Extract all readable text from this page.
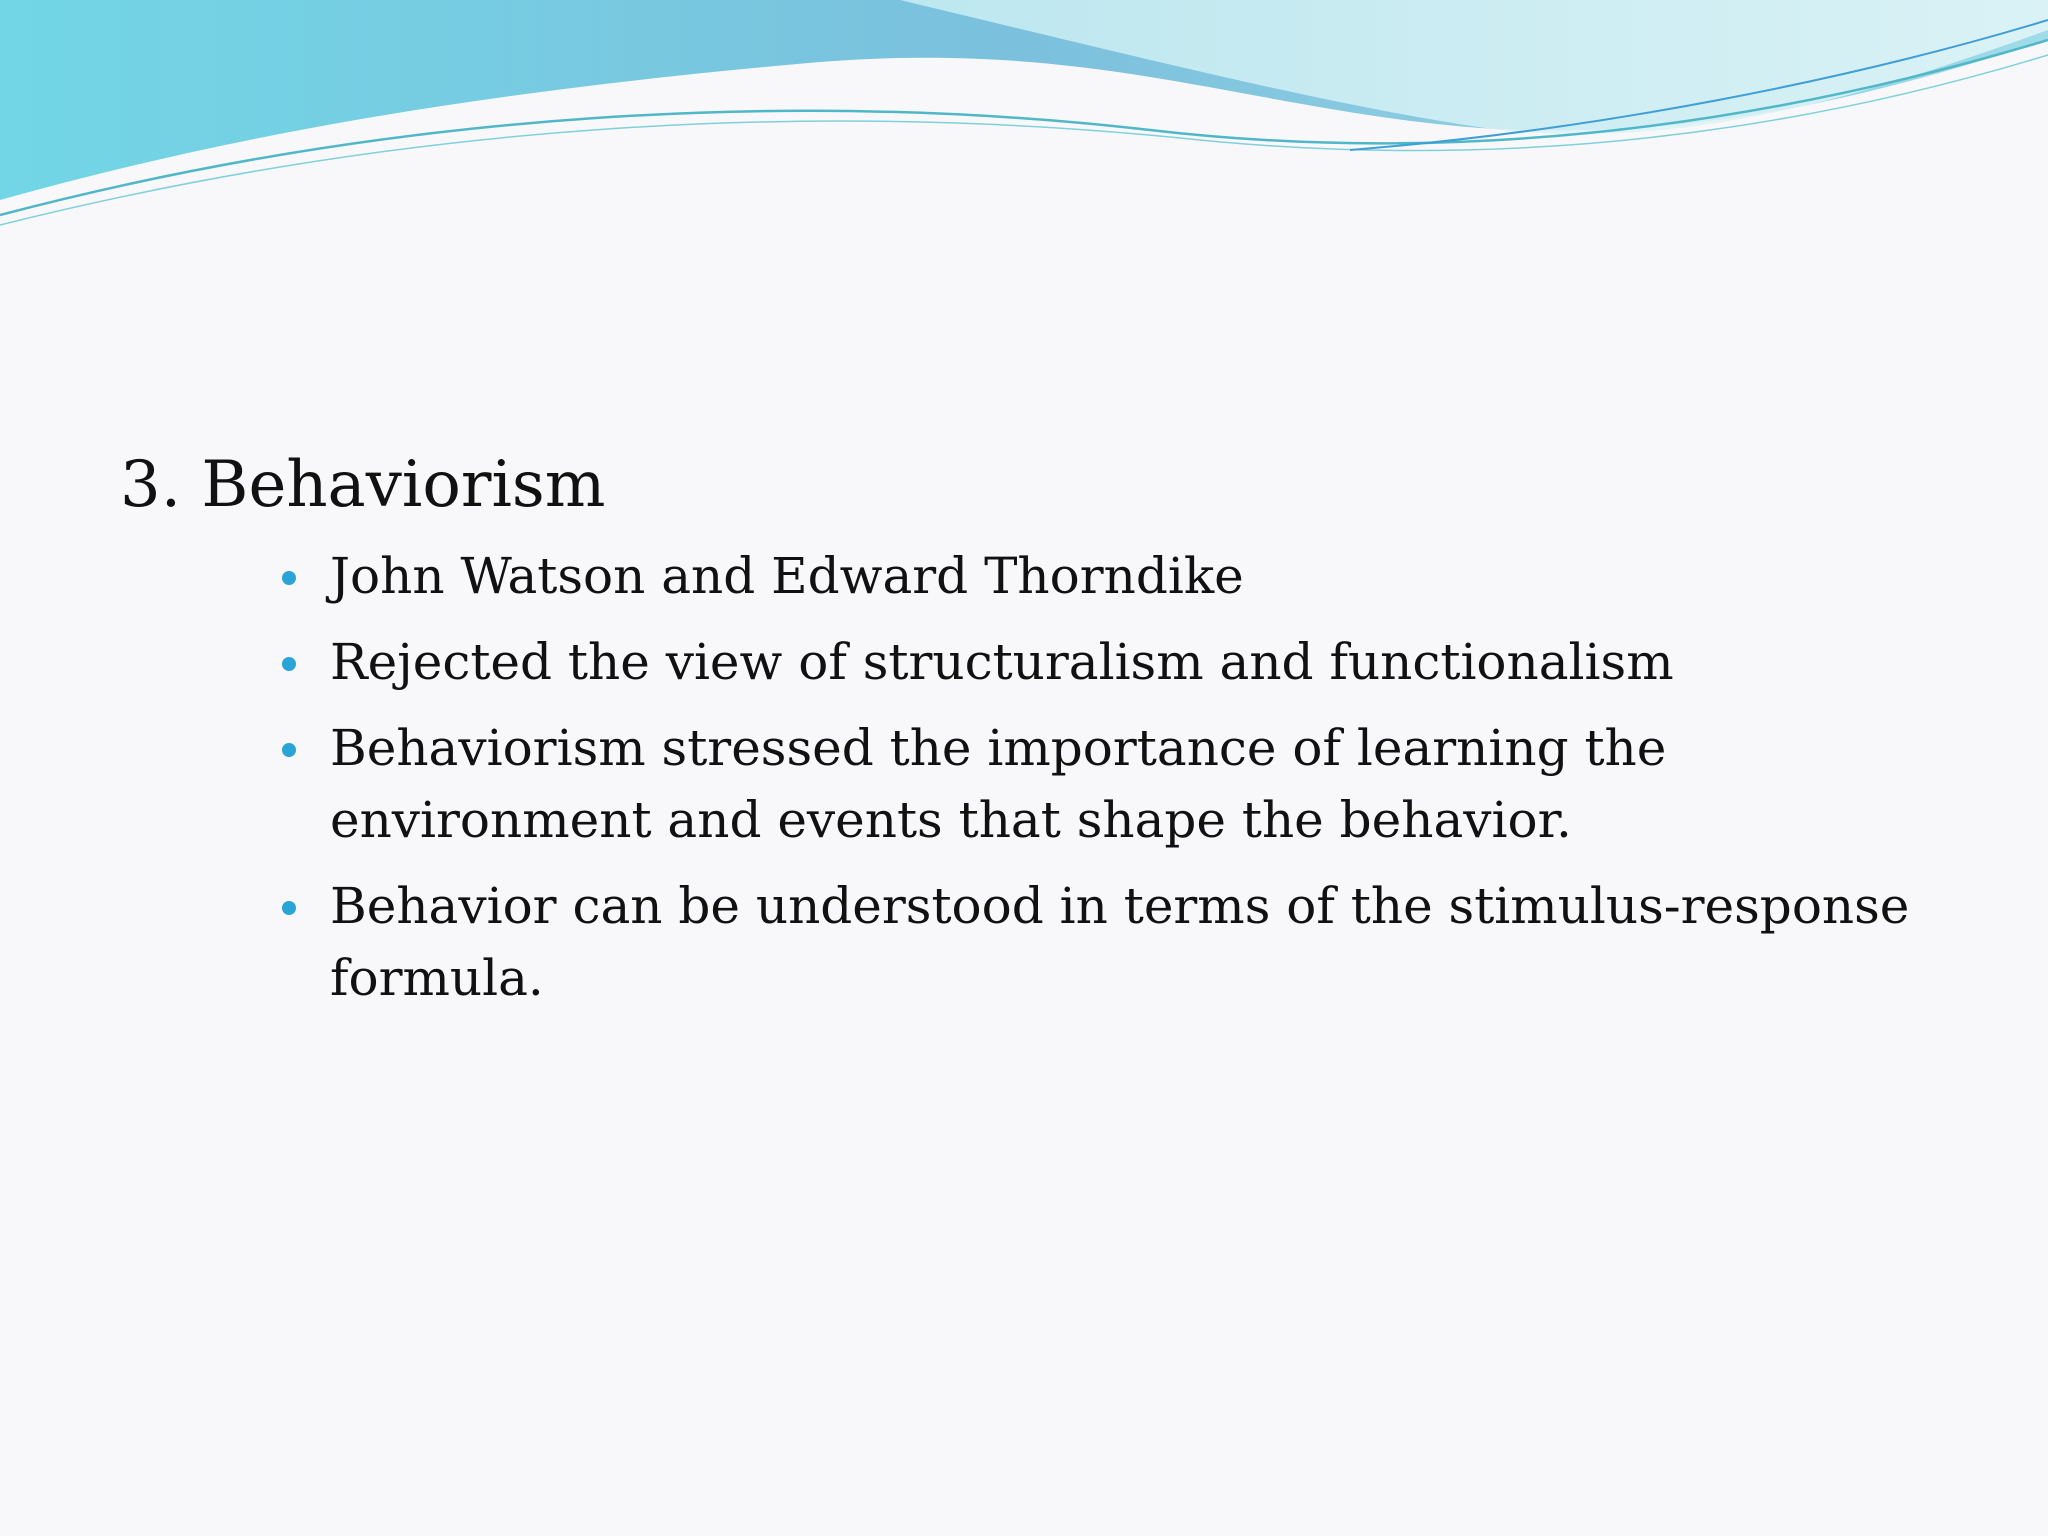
3. Behaviorism
John Watson and Edward Thorndike
Rejected the view of structuralism and functionalism
Behaviorism stressed the importance of learning the environment and events that shape the behavior.
Behavior can be understood in terms of the stimulus-response formula.
